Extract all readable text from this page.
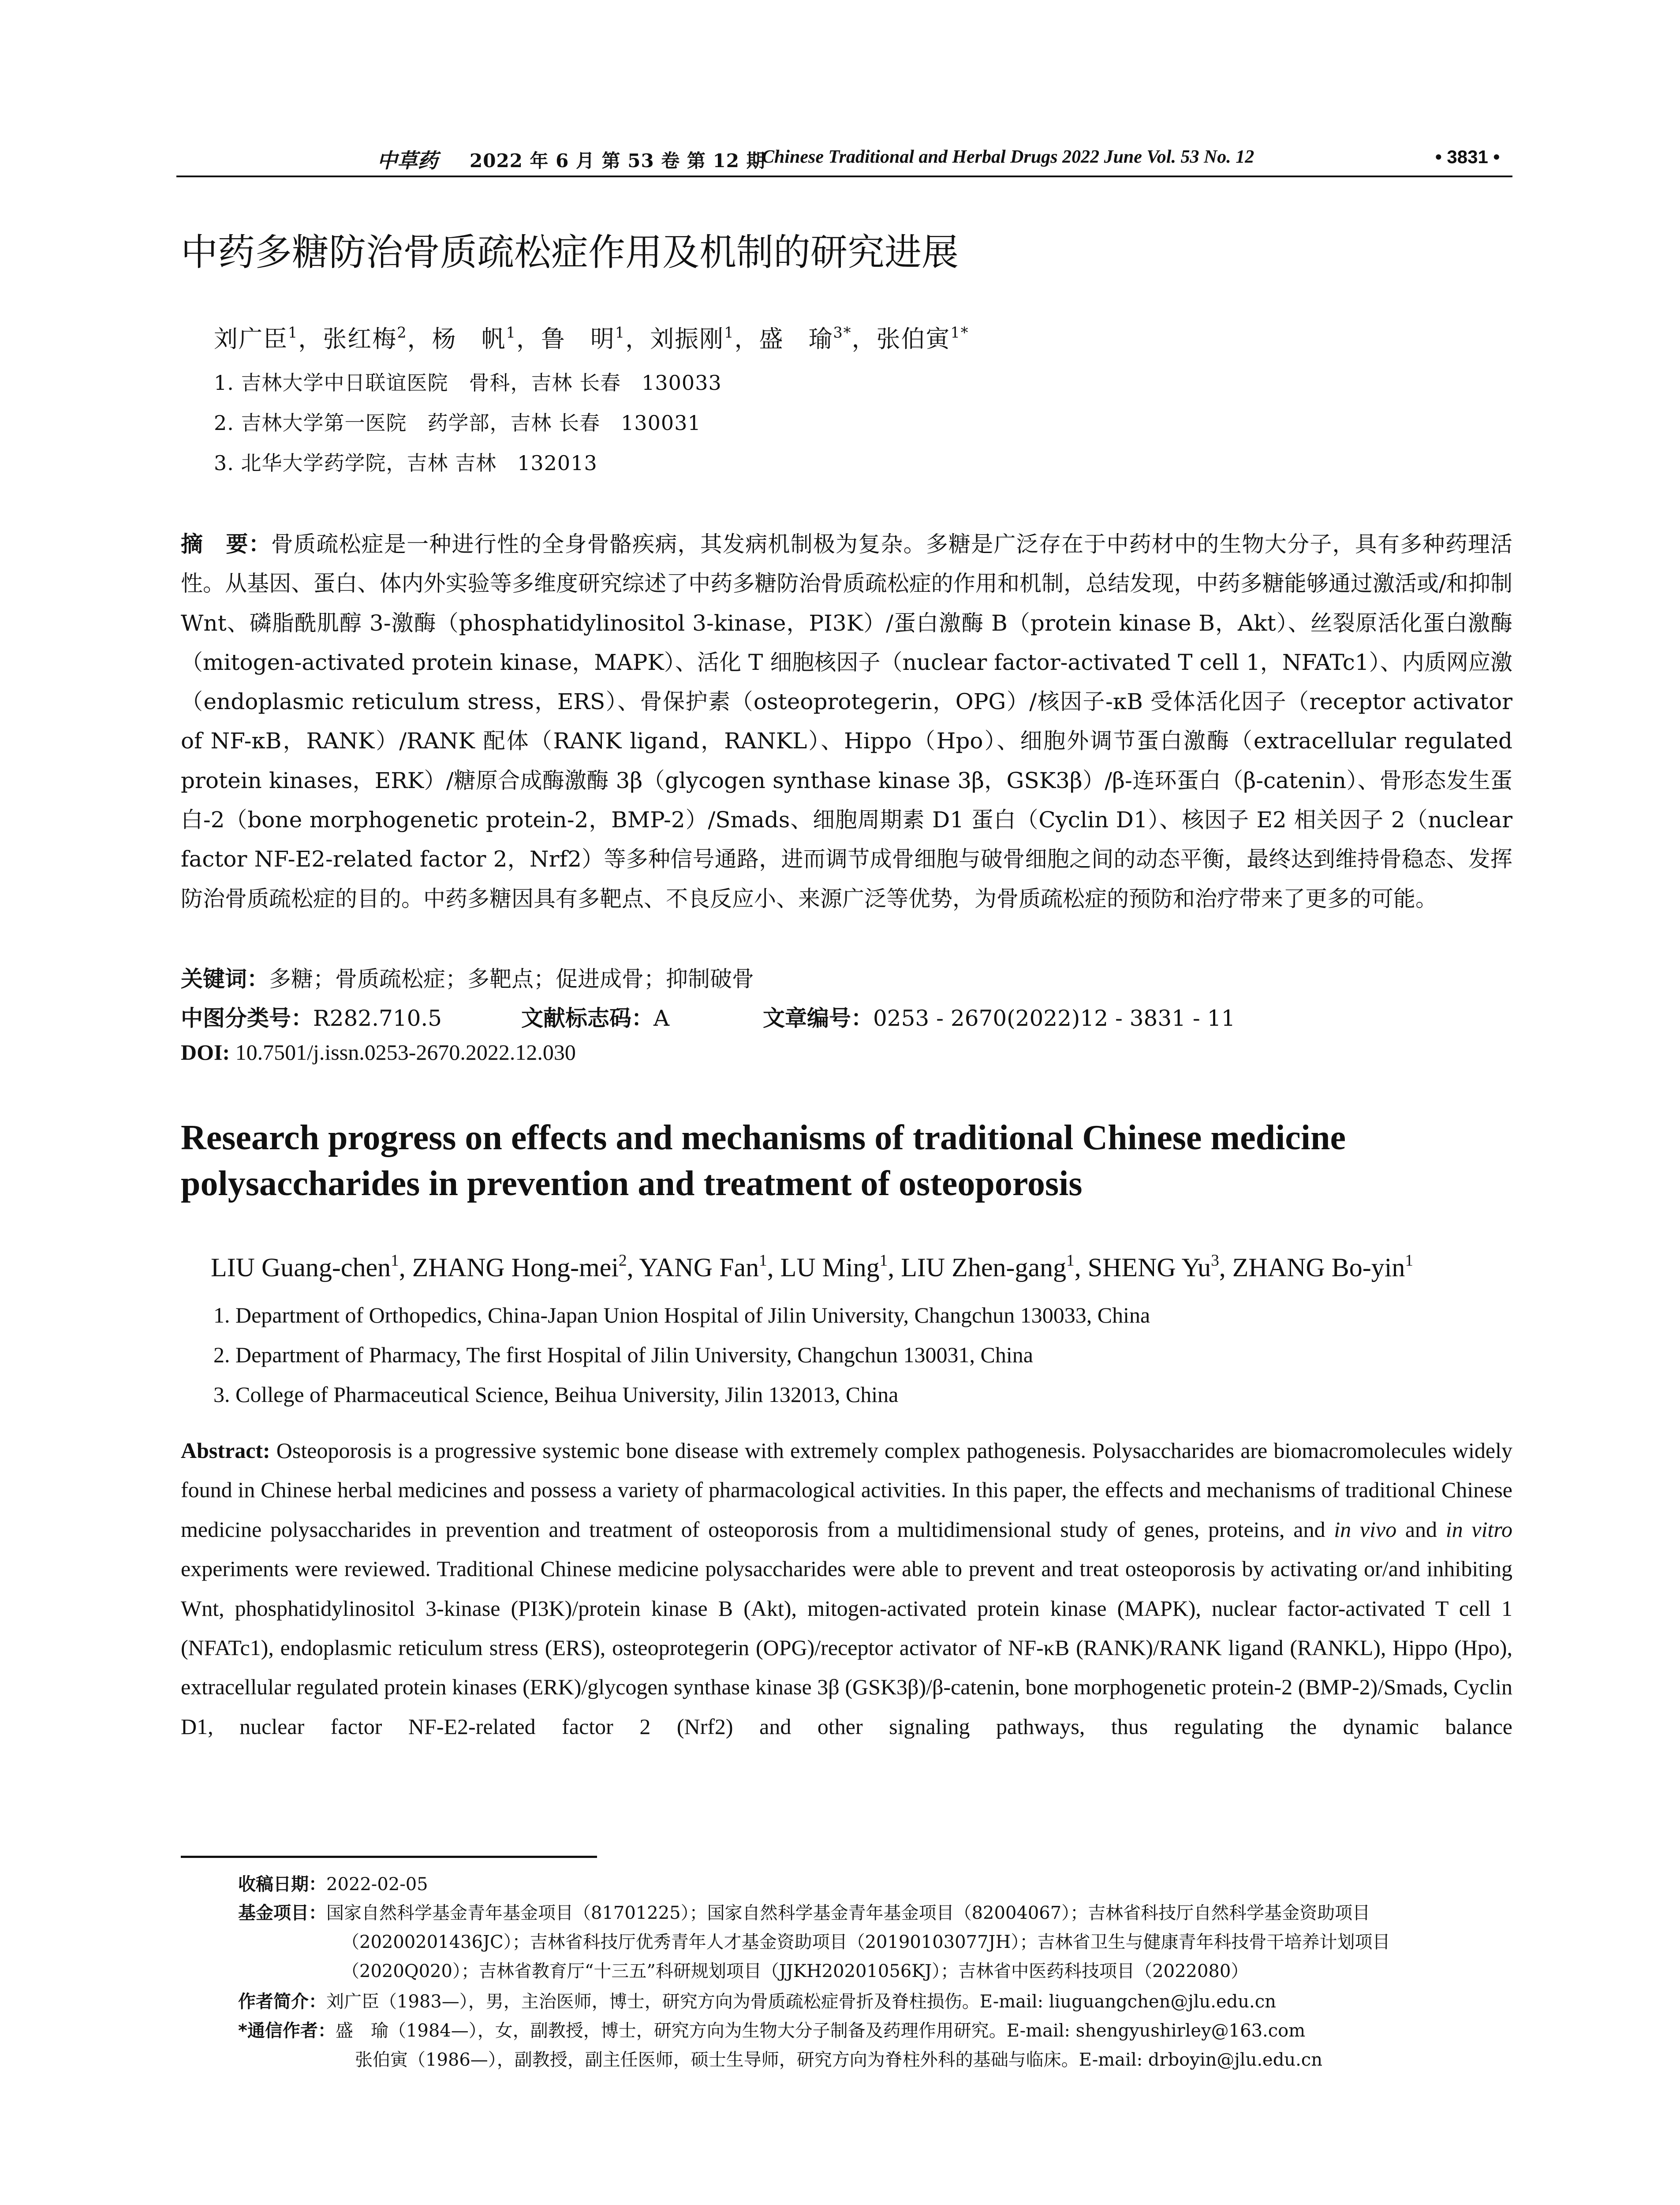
中草药 2022 年 6 月 第 53 卷 第 12 期
Chinese Traditional and Herbal Drugs 2022 June Vol. 53 No. 12	• 3831 •
中药多糖防治骨质疏松症作用及机制的研究进展
刘广臣$^1$，张红梅$^2$，杨　帆$^1$，鲁　明$^1$，刘振刚$^1$，盛　瑜$^{3*}$，张伯寅$^{1*}$
1. 吉林大学中日联谊医院　骨科，吉林 长春　130033
2. 吉林大学第一医院　药学部，吉林 长春　130031
3. 北华大学药学院，吉林 吉林　132013
摘　要：骨质疏松症是一种进行性的全身骨骼疾病，其发病机制极为复杂。多糖是广泛存在于中药材中的生物大分子，具有多种药理活性。从基因、蛋白、体内外实验等多维度研究综述了中药多糖防治骨质疏松症的作用和机制，总结发现，中药多糖能够通过激活或/和抑制 Wnt、磷脂酰肌醇 3-激酶（phosphatidylinositol 3-kinase，PI3K）/蛋白激酶 B（protein kinase B，Akt）、丝裂原活化蛋白激酶（mitogen-activated protein kinase，MAPK）、活化 T 细胞核因子（nuclear factor-activated T cell 1，NFATc1）、内质网应激（endoplasmic reticulum stress，ERS）、骨保护素（osteoprotegerin，OPG）/核因子-κB 受体活化因子（receptor activator of NF-κB，RANK）/RANK 配体（RANK ligand，RANKL）、Hippo（Hpo）、细胞外调节蛋白激酶（extracellular regulated protein kinases，ERK）/糖原合成酶激酶 3β（glycogen synthase kinase 3β，GSK3β）/β-连环蛋白（β-catenin）、骨形态发生蛋白-2（bone morphogenetic protein-2，BMP-2）/Smads、细胞周期素 D1 蛋白（Cyclin D1）、核因子 E2 相关因子 2（nuclear factor NF-E2-related factor 2，Nrf2）等多种信号通路，进而调节成骨细胞与破骨细胞之间的动态平衡，最终达到维持骨稳态、发挥防治骨质疏松症的目的。中药多糖因具有多靶点、不良反应小、来源广泛等优势，为骨质疏松症的预防和治疗带来了更多的可能。
关键词：多糖；骨质疏松症；多靶点；促进成骨；抑制破骨
中图分类号：R282.710.5	文献标志码：A	文章编号：0253 - 2670(2022)12 - 3831 - 11
DOI: 10.7501/j.issn.0253-2670.2022.12.030
Research progress on effects and mechanisms of traditional Chinese medicine polysaccharides in prevention and treatment of osteoporosis
LIU Guang-chen$^1$, ZHANG Hong-mei$^2$, YANG Fan$^1$, LU Ming$^1$, LIU Zhen-gang$^1$, SHENG Yu$^3$, ZHANG Bo-yin$^1$
1. Department of Orthopedics, China-Japan Union Hospital of Jilin University, Changchun 130033, China
2. Department of Pharmacy, The first Hospital of Jilin University, Changchun 130031, China
3. College of Pharmaceutical Science, Beihua University, Jilin 132013, China
Abstract: Osteoporosis is a progressive systemic bone disease with extremely complex pathogenesis. Polysaccharides are biomacromolecules widely found in Chinese herbal medicines and possess a variety of pharmacological activities. In this paper, the effects and mechanisms of traditional Chinese medicine polysaccharides in prevention and treatment of osteoporosis from a multidimensional study of genes, proteins, and in vivo and in vitro experiments were reviewed. Traditional Chinese medicine polysaccharides were able to prevent and treat osteoporosis by activating or/and inhibiting Wnt, phosphatidylinositol 3-kinase (PI3K)/protein kinase B (Akt), mitogen-activated protein kinase (MAPK), nuclear factor-activated T cell 1 (NFATc1), endoplasmic reticulum stress (ERS), osteoprotegerin (OPG)/receptor activator of NF-κB (RANK)/RANK ligand (RANKL), Hippo (Hpo), extracellular regulated protein kinases (ERK)/glycogen synthase kinase 3β (GSK3β)/β-catenin, bone morphogenetic protein-2 (BMP-2)/Smads, Cyclin D1, nuclear factor NF-E2-related factor 2 (Nrf2) and other signaling pathways, thus regulating the dynamic balance
收稿日期：2022-02-05
基金项目：国家自然科学基金青年基金项目（81701225）；国家自然科学基金青年基金项目（82004067）；吉林省科技厅自然科学基金资助项目
（20200201436JC）；吉林省科技厅优秀青年人才基金资助项目（20190103077JH）；吉林省卫生与健康青年科技骨干培养计划项目
（2020Q020）；吉林省教育厅“十三五”科研规划项目（JJKH20201056KJ）；吉林省中医药科技项目（2022080）
作者简介：刘广臣（1983—），男，主治医师，博士，研究方向为骨质疏松症骨折及脊柱损伤。E-mail: liuguangchen@jlu.edu.cn
*通信作者：盛　瑜（1984—），女，副教授，博士，研究方向为生物大分子制备及药理作用研究。E-mail: shengyushirley@163.com
张伯寅（1986—），副教授，副主任医师，硕士生导师，研究方向为脊柱外科的基础与临床。E-mail: drboyin@jlu.edu.cn
